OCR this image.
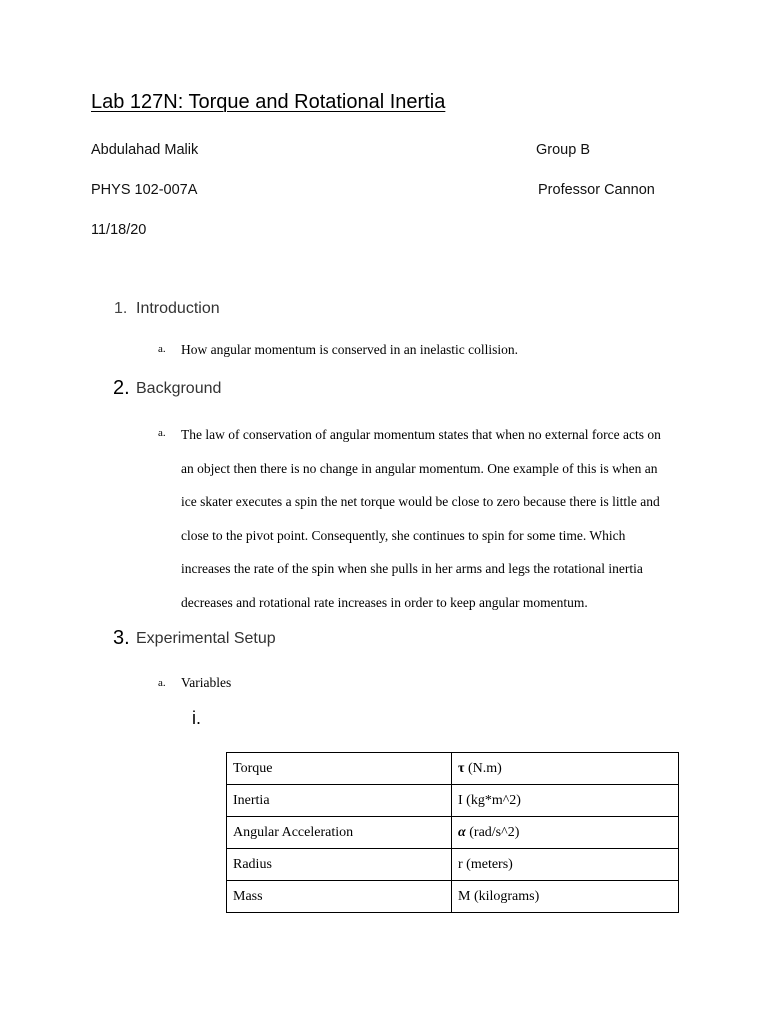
Lab 127N: Torque and Rotational Inertia
Abdulahad Malik	Group B
PHYS 102-007A	Professor Cannon
11/18/20
1. Introduction
a. How angular momentum is conserved in an inelastic collision.
2. Background
a. The law of conservation of angular momentum states that when no external force acts on
an object then there is no change in angular momentum. One example of this is when an
ice skater executes a spin the net torque would be close to zero because there is little and
close to the pivot point. Consequently, she continues to spin for some time. Which
increases the rate of the spin when she pulls in her arms and legs the rotational inertia
decreases and rotational rate increases in order to keep angular momentum.
3. Experimental Setup
a. Variables
i.
Torque	τ (N.m)
Inertia	I (kg*m^2)
Angular Acceleration	α (rad/s^2)
Radius	r (meters)
Mass	M (kilograms)
